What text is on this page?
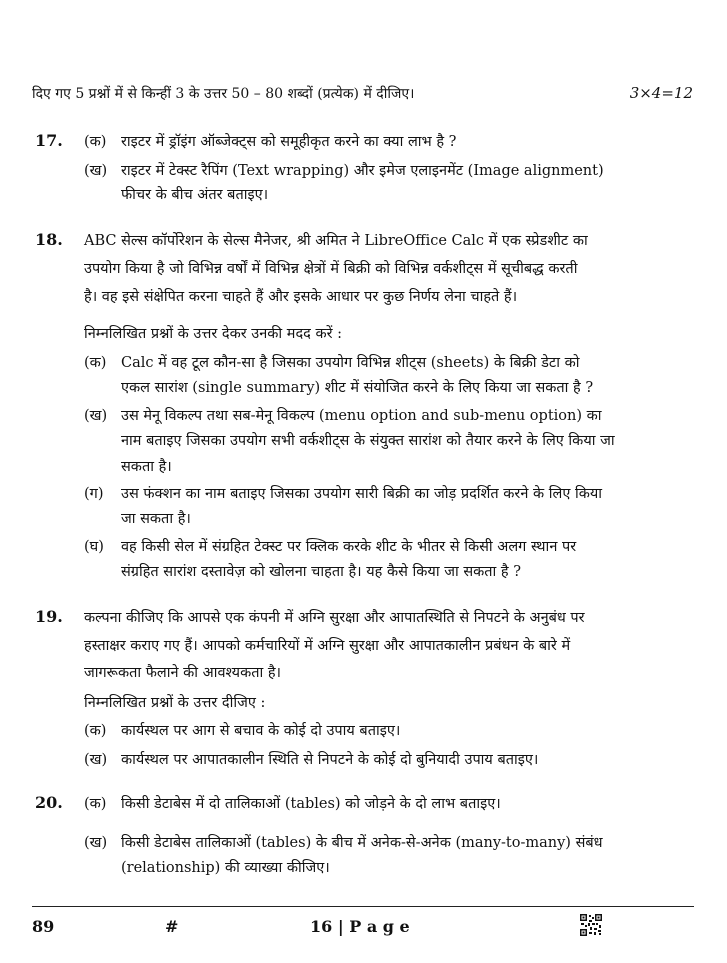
दिए गए 5 प्रश्नों में से किन्हीं 3 के उत्तर 50 – 80 शब्दों (प्रत्येक) में दीजिए।	3×4=12
17. (क) राइटर में ड्रॉइंग ऑब्जेक्ट्स को समूहीकृत करने का क्या लाभ है ?
(ख) राइटर में टेक्स्ट रैपिंग (Text wrapping) और इमेज एलाइनमेंट (Image alignment)
फीचर के बीच अंतर बताइए।
18. ABC सेल्स कॉर्पोरेशन के सेल्स मैनेजर, श्री अमित ने LibreOffice Calc में एक स्प्रेडशीट का
उपयोग किया है जो विभिन्न वर्षों में विभिन्न क्षेत्रों में बिक्री को विभिन्न वर्कशीट्स में सूचीबद्ध करती
है। वह इसे संक्षेपित करना चाहते हैं और इसके आधार पर कुछ निर्णय लेना चाहते हैं।
निम्नलिखित प्रश्नों के उत्तर देकर उनकी मदद करें :
(क) Calc में वह टूल कौन-सा है जिसका उपयोग विभिन्न शीट्स (sheets) के बिक्री डेटा को
एकल सारांश (single summary) शीट में संयोजित करने के लिए किया जा सकता है ?
(ख) उस मेनू विकल्प तथा सब-मेनू विकल्प (menu option and sub-menu option) का
नाम बताइए जिसका उपयोग सभी वर्कशीट्स के संयुक्त सारांश को तैयार करने के लिए किया जा
सकता है।
(ग) उस फंक्शन का नाम बताइए जिसका उपयोग सारी बिक्री का जोड़ प्रदर्शित करने के लिए किया
जा सकता है।
(घ) वह किसी सेल में संग्रहित टेक्स्ट पर क्लिक करके शीट के भीतर से किसी अलग स्थान पर
संग्रहित सारांश दस्तावेज़ को खोलना चाहता है। यह कैसे किया जा सकता है ?
19. कल्पना कीजिए कि आपसे एक कंपनी में अग्नि सुरक्षा और आपातस्थिति से निपटने के अनुबंध पर
हस्ताक्षर कराए गए हैं। आपको कर्मचारियों में अग्नि सुरक्षा और आपातकालीन प्रबंधन के बारे में
जागरूकता फैलाने की आवश्यकता है।
निम्नलिखित प्रश्नों के उत्तर दीजिए :
(क) कार्यस्थल पर आग से बचाव के कोई दो उपाय बताइए।
(ख) कार्यस्थल पर आपातकालीन स्थिति से निपटने के कोई दो बुनियादी उपाय बताइए।
20. (क) किसी डेटाबेस में दो तालिकाओं (tables) को जोड़ने के दो लाभ बताइए।
(ख) किसी डेटाबेस तालिकाओं (tables) के बीच में अनेक-से-अनेक (many-to-many) संबंध
(relationship) की व्याख्या कीजिए।
89	#	16 | P a g e
